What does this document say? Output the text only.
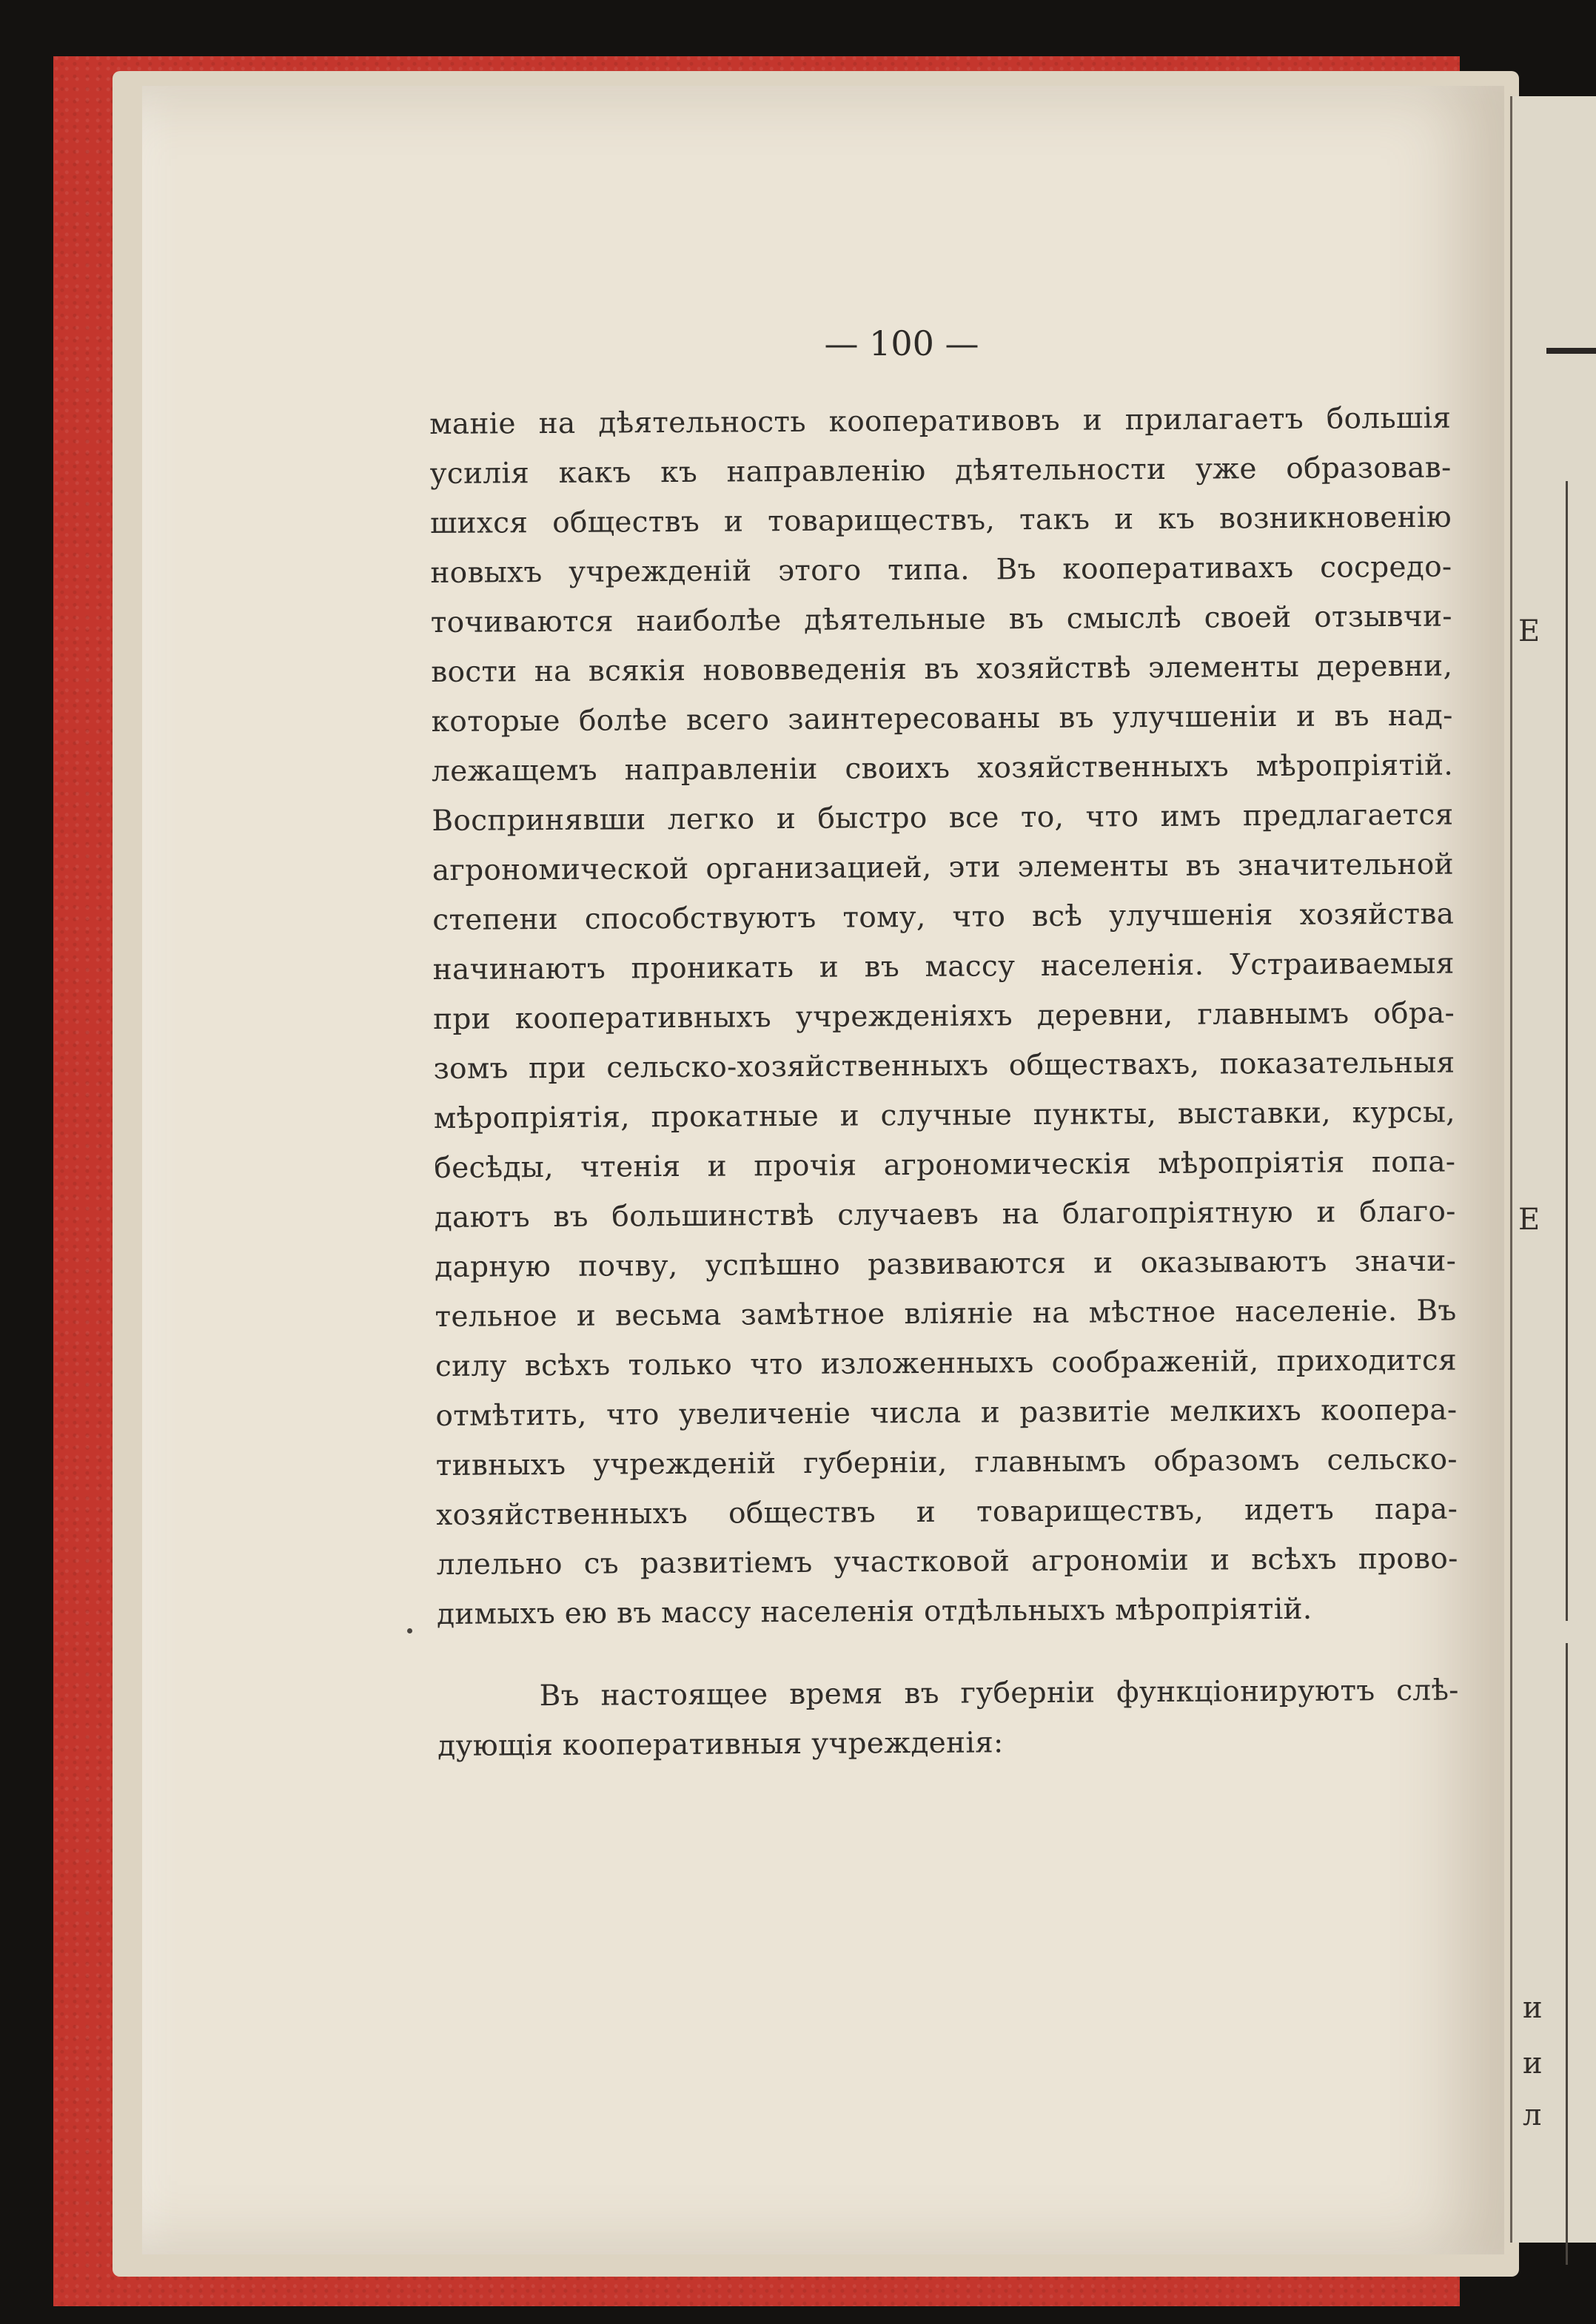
Е
Е
и
и
л
— 100 —
маніе на дѣятельность кооперативовъ и прилагаетъ большія
усилія какъ къ направленію дѣятельности уже образовав-
шихся обществъ и товариществъ, такъ и къ возникновенію
новыхъ учрежденій этого типа. Въ кооперативахъ сосредо-
точиваются наиболѣе дѣятельные въ смыслѣ своей отзывчи-
вости на всякія нововведенія въ хозяйствѣ элементы деревни,
которые болѣе всего заинтересованы въ улучшеніи и въ над-
лежащемъ направленіи своихъ хозяйственныхъ мѣропріятій.
Воспринявши легко и быстро все то, что имъ предлагается
агрономической организацией, эти элементы въ значительной
степени способствуютъ тому, что всѣ улучшенія хозяйства
начинаютъ проникать и въ массу населенія. Устраиваемыя
при кооперативныхъ учрежденіяхъ деревни, главнымъ обра-
зомъ при сельско-хозяйственныхъ обществахъ, показательныя
мѣропріятія, прокатные и случные пункты, выставки, курсы,
бесѣды, чтенія и прочія агрономическія мѣропріятія попа-
даютъ въ большинствѣ случаевъ на благопріятную и благо-
дарную почву, успѣшно развиваются и оказываютъ значи-
тельное и весьма замѣтное вліяніе на мѣстное населеніе. Въ
силу всѣхъ только что изложенныхъ соображеній, приходится
отмѣтить, что увеличеніе числа и развитіе мелкихъ коопера-
тивныхъ учрежденій губерніи, главнымъ образомъ сельско-
хозяйственныхъ обществъ и товариществъ, идетъ пара-
ллельно съ развитіемъ участковой агрономіи и всѣхъ прово-
димыхъ ею въ массу населенія отдѣльныхъ мѣропріятій.
Въ настоящее время въ губерніи функціонируютъ слѣ-
дующія кооперативныя учрежденія:
